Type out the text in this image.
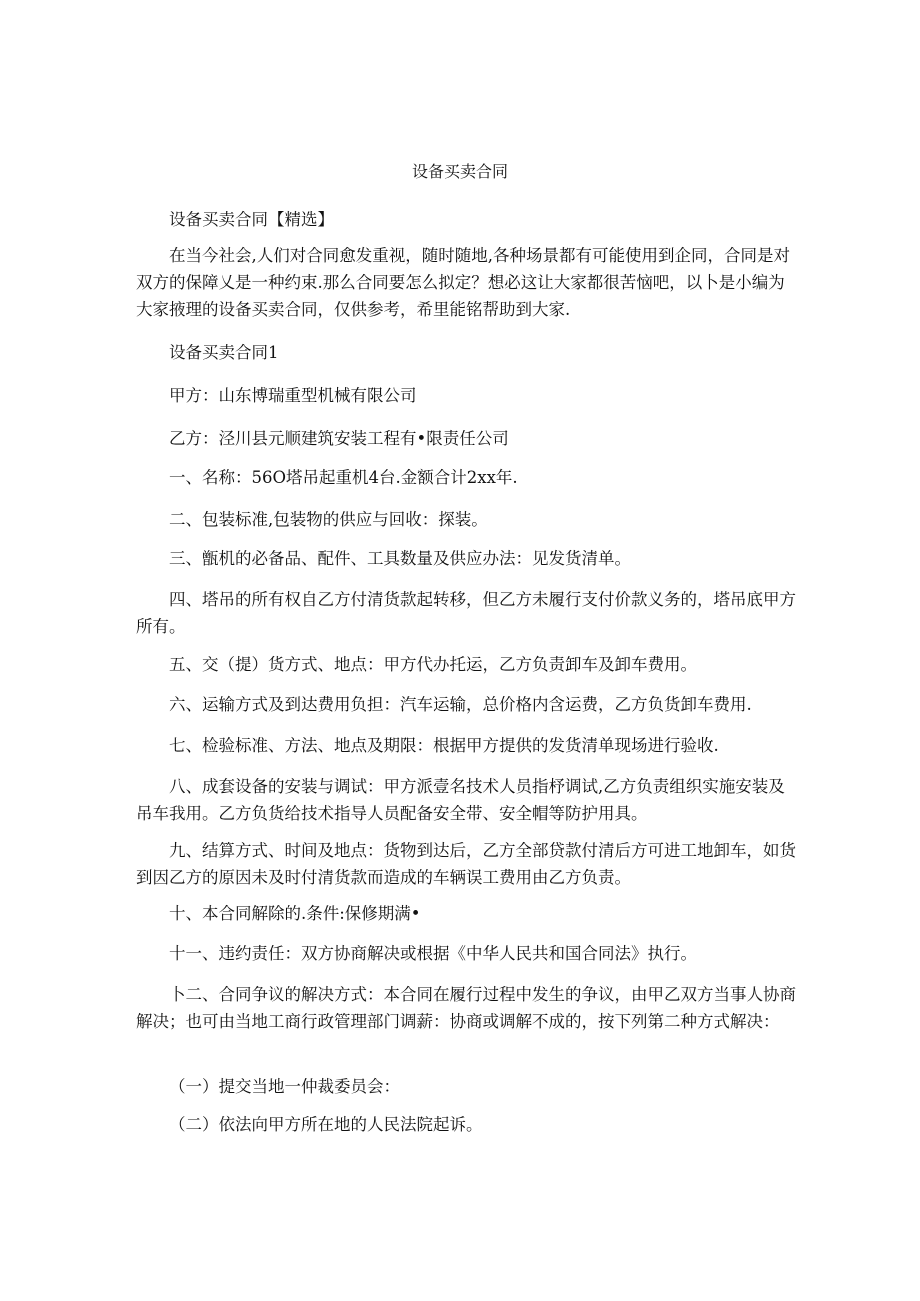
设备买卖合同

设备买卖合同【精选】

在当今社会,人们对合同愈发重视，随时随地,各种场景都有可能使用到企同，合同是对双方的保障乂是一种约束.那么合同要怎么拟定？想必这让大家都很苦恼吧，以卜是小编为大家掖理的设备买卖合同，仅供参考，希里能铭帮助到大家.

设备买卖合同1

甲方：山东博瑞重型机械有限公司

乙方：泾川县元顺建筑安装工程有•限责任公司

一、名称：56O塔吊起重机4台.金额合计2xx年.

二、包装标准,包装物的供应与回收：探装。

三、甑机的必备品、配件、工具数量及供应办法：见发货清单。

四、塔吊的所有权自乙方付清货款起转移，但乙方未履行支付价款义务的，塔吊底甲方所有。

五、交（提）货方式、地点：甲方代办托运，乙方负责卸车及卸车费用。

六、运输方式及到达费用负担：汽车运输，总价格内含运费，乙方负货卸车费用.

七、检验标准、方法、地点及期限：根据甲方提供的发货清单现场进行验收.

八、成套设备的安装与调试：甲方派壹名技术人员指杼调试,乙方负责组织实施安装及吊车我用。乙方负货给技术指导人员配备安全带、安全帽等防护用具。

九、结算方式、时间及地点：货物到达后，乙方全部贷款付清后方可进工地卸车，如货到因乙方的原因未及时付清货款而造成的车辆误工费用由乙方负责。

十、本合同解除的.条件:保修期满•

十一、违约责任：双方协商解决或根据《中华人民共和国合同法》执行。

卜二、合同争议的解决方式：本合同在履行过程中发生的争议，由甲乙双方当事人协商解决；也可由当地工商行政管理部门调薪：协商或调解不成的，按下列第二种方式解决：

（一）提交当地一仲裁委员会：

（二）依法向甲方所在地的人民法院起诉。
